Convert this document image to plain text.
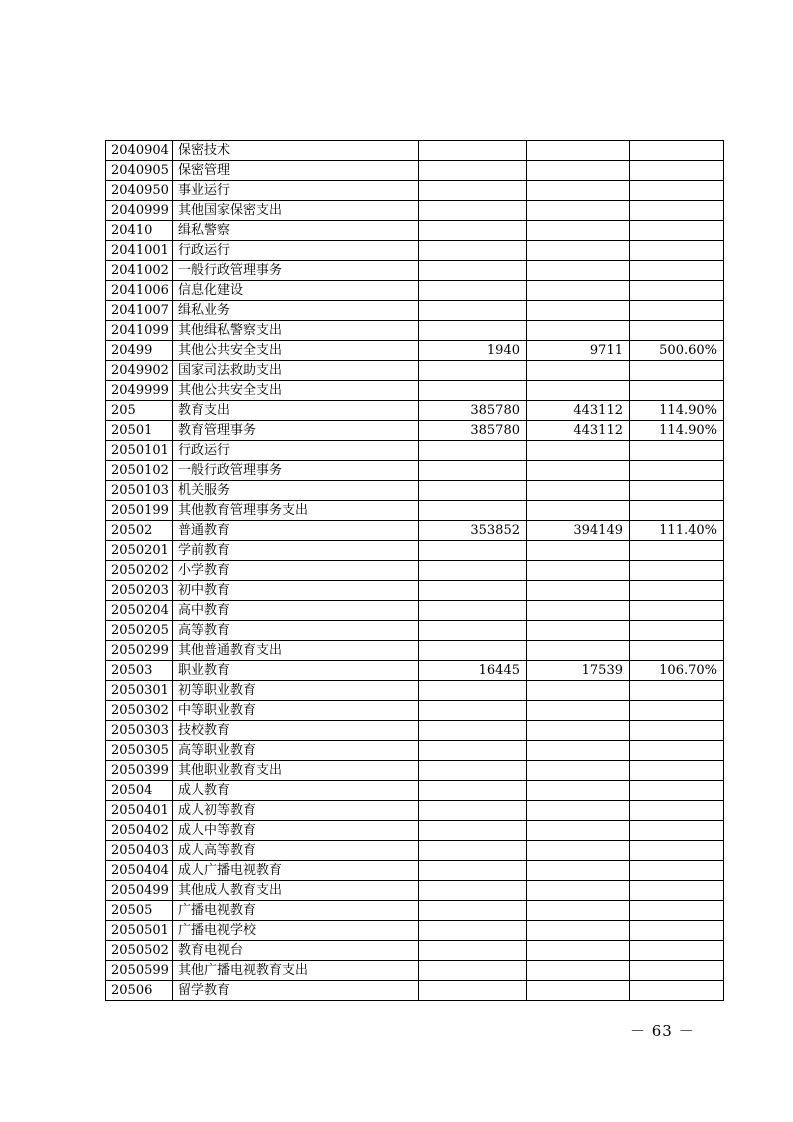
2040904	保密技术			
2040905	保密管理			
2040950	事业运行			
2040999	其他国家保密支出			
20410	缉私警察			
2041001	行政运行			
2041002	一般行政管理事务			
2041006	信息化建设			
2041007	缉私业务			
2041099	其他缉私警察支出			
20499	其他公共安全支出	1940	9711	500.60%
2049902	国家司法救助支出			
2049999	其他公共安全支出			
205	教育支出	385780	443112	114.90%
20501	教育管理事务	385780	443112	114.90%
2050101	行政运行			
2050102	一般行政管理事务			
2050103	机关服务			
2050199	其他教育管理事务支出			
20502	普通教育	353852	394149	111.40%
2050201	学前教育			
2050202	小学教育			
2050203	初中教育			
2050204	高中教育			
2050205	高等教育			
2050299	其他普通教育支出			
20503	职业教育	16445	17539	106.70%
2050301	初等职业教育			
2050302	中等职业教育			
2050303	技校教育			
2050305	高等职业教育			
2050399	其他职业教育支出			
20504	成人教育			
2050401	成人初等教育			
2050402	成人中等教育			
2050403	成人高等教育			
2050404	成人广播电视教育			
2050499	其他成人教育支出			
20505	广播电视教育			
2050501	广播电视学校			
2050502	教育电视台			
2050599	其他广播电视教育支出			
20506	留学教育			
－ 63 －
